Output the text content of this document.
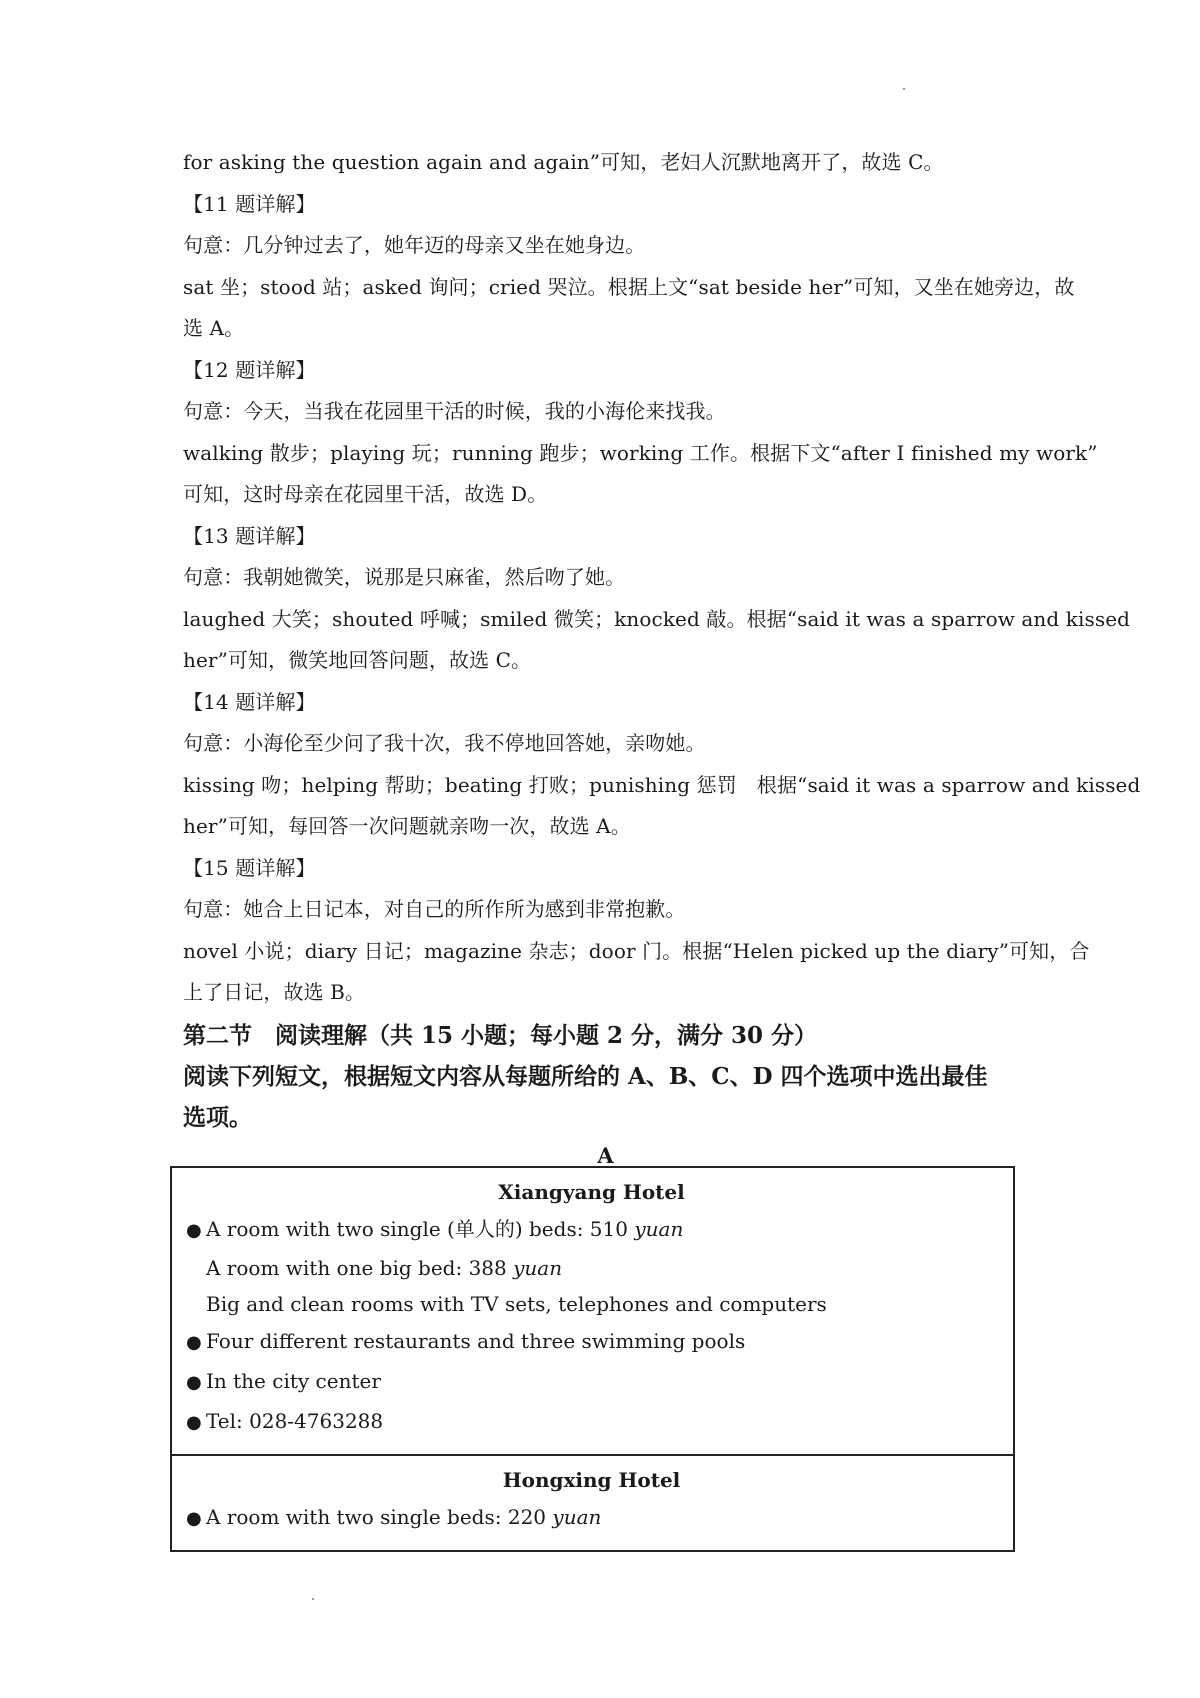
for asking the question again and again”可知，老妇人沉默地离开了，故选 C。
【11 题详解】
句意：几分钟过去了，她年迈的母亲又坐在她身边。
sat 坐；stood 站；asked 询问；cried 哭泣。根据上文“sat beside her”可知，又坐在她旁边，故
选 A。
【12 题详解】
句意：今天，当我在花园里干活的时候，我的小海伦来找我。
walking 散步；playing 玩；running 跑步；working 工作。根据下文“after I finished my work”
可知，这时母亲在花园里干活，故选 D。
【13 题详解】
句意：我朝她微笑，说那是只麻雀，然后吻了她。
laughed 大笑；shouted 呼喊；smiled 微笑；knocked 敲。根据“said it was a sparrow and kissed
her”可知，微笑地回答问题，故选 C。
【14 题详解】
句意：小海伦至少问了我十次，我不停地回答她，亲吻她。
kissing 吻；helping 帮助；beating 打败；punishing 惩罚　根据“said it was a sparrow and kissed
her”可知，每回答一次问题就亲吻一次，故选 A。
【15 题详解】
句意：她合上日记本，对自己的所作所为感到非常抱歉。
novel 小说；diary 日记；magazine 杂志；door 门。根据“Helen picked up the diary”可知，合
上了日记，故选 B。
第二节　阅读理解（共 15 小题；每小题 2 分，满分 30 分）
阅读下列短文，根据短文内容从每题所给的 A、B、C、D 四个选项中选出最佳
选项。
A
Xiangyang Hotel
● A room with two single (单人的) beds: 510 yuan
A room with one big bed: 388 yuan
Big and clean rooms with TV sets, telephones and computers
● Four different restaurants and three swimming pools
● In the city center
● Tel: 028-4763288
Hongxing Hotel
● A room with two single beds: 220 yuan
